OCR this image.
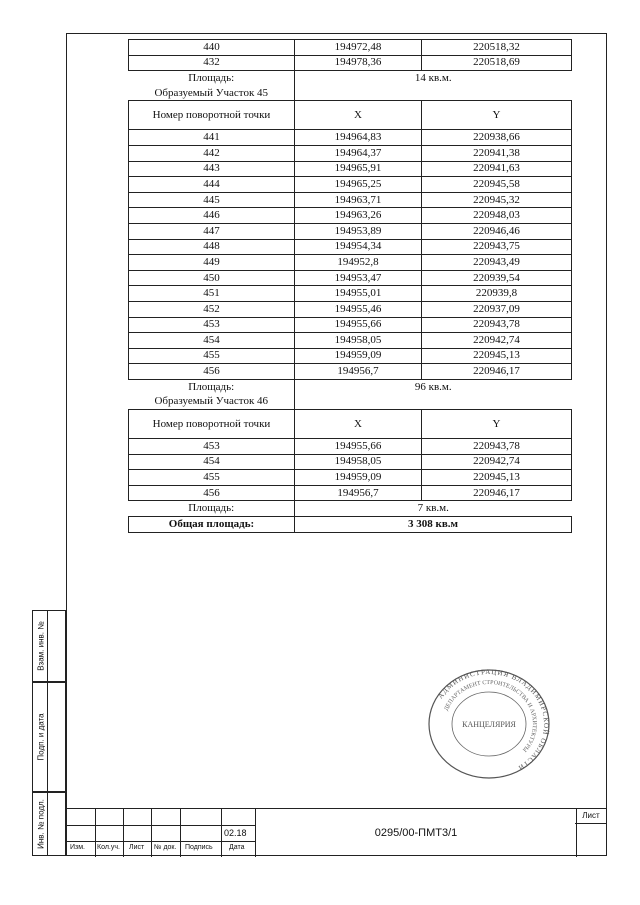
Взам. инв. №
Подп. и дата
Инв. № подл.
440	194972,48	220518,32
432	194978,36	220518,69
Площадь:	14 кв.м.	
Образуемый Участок 45		
Номер поворотной точки	X	Y
441	194964,83	220938,66
442	194964,37	220941,38
443	194965,91	220941,63
444	194965,25	220945,58
445	194963,71	220945,32
446	194963,26	220948,03
447	194953,89	220946,46
448	194954,34	220943,75
449	194952,8	220943,49
450	194953,47	220939,54
451	194955,01	220939,8
452	194955,46	220937,09
453	194955,66	220943,78
454	194958,05	220942,74
455	194959,09	220945,13
456	194956,7	220946,17
Площадь:	96 кв.м.	
Образуемый Участок 46		
Номер поворотной точки	X	Y
453	194955,66	220943,78
454	194958,05	220942,74
455	194959,09	220945,13
456	194956,7	220946,17
Площадь:	7 кв.м.	
Общая площадь:	3 308 кв.м	
Изм. Кол.уч. Лист № док. Подпись Дата
02.18	0295/00-ПМТ3/1
Лист
АДМИНИСТРАЦИЯ ВЛАДИМИРСКОЙ ОБЛАСТИ
ДЕПАРТАМЕНТ СТРОИТЕЛЬСТВА И АРХИТЕКТУРЫ
КАНЦЕЛЯРИЯ
